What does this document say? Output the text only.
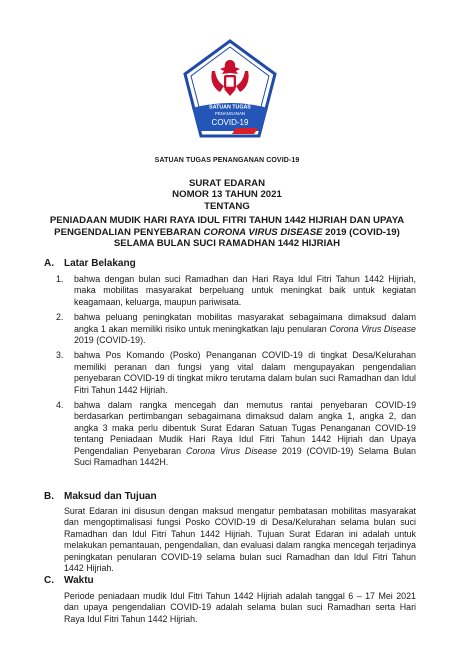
SATUAN TUGAS
PENANGANAN
COVID-19
SATUAN TUGAS PENANGANAN COVID-19
SURAT EDARAN
NOMOR 13 TAHUN 2021
TENTANG
PENIADAAN MUDIK HARI RAYA IDUL FITRI TAHUN 1442 HIJRIAH DAN UPAYA
PENGENDALIAN PENYEBARAN CORONA VIRUS DISEASE 2019 (COVID-19)
SELAMA BULAN SUCI RAMADHAN 1442 HIJRIAH
A.	Latar Belakang
1.	bahwa dengan bulan suci Ramadhan dan Hari Raya Idul Fitri Tahun 1442 Hijriah, maka mobilitas masyarakat berpeluang untuk meningkat baik untuk kegiatan keagamaan, keluarga, maupun pariwisata.
2.	bahwa peluang peningkatan mobilitas masyarakat sebagaimana dimaksud dalam angka 1 akan memiliki risiko untuk meningkatkan laju penularan Corona Virus Disease 2019 (COVID-19).
3.	bahwa Pos Komando (Posko) Penanganan COVID-19 di tingkat Desa/Kelurahan memiliki peranan dan fungsi yang vital dalam mengupayakan pengendalian penyebaran COVID-19 di tingkat mikro terutama dalam bulan suci Ramadhan dan Idul Fitri Tahun 1442 Hijriah.
4.	bahwa dalam rangka mencegah dan memutus rantai penyebaran COVID-19 berdasarkan pertimbangan sebagaimana dimaksud dalam angka 1, angka 2, dan angka 3 maka perlu dibentuk Surat Edaran Satuan Tugas Penanganan COVID-19 tentang Peniadaan Mudik Hari Raya Idul Fitri Tahun 1442 Hijriah dan Upaya Pengendalian Penyebaran Corona Virus Disease 2019 (COVID-19) Selama Bulan Suci Ramadhan 1442H.
B.	Maksud dan Tujuan
Surat Edaran ini disusun dengan maksud mengatur pembatasan mobilitas masyarakat dan mengoptimalisasi fungsi Posko COVID-19 di Desa/Kelurahan selama bulan suci Ramadhan dan Idul Fitri Tahun 1442 Hijriah. Tujuan Surat Edaran ini adalah untuk melakukan pemantauan, pengendalian, dan evaluasi dalam rangka mencegah terjadinya peningkatan penularan COVID-19 selama bulan suci Ramadhan dan Idul Fitri Tahun 1442 Hijriah.
C.	Waktu
Periode peniadaan mudik Idul Fitri Tahun 1442 Hijriah adalah tanggal 6 – 17 Mei 2021 dan upaya pengendalian COVID-19 adalah selama bulan suci Ramadhan serta Hari Raya Idul Fitri Tahun 1442 Hijriah.
